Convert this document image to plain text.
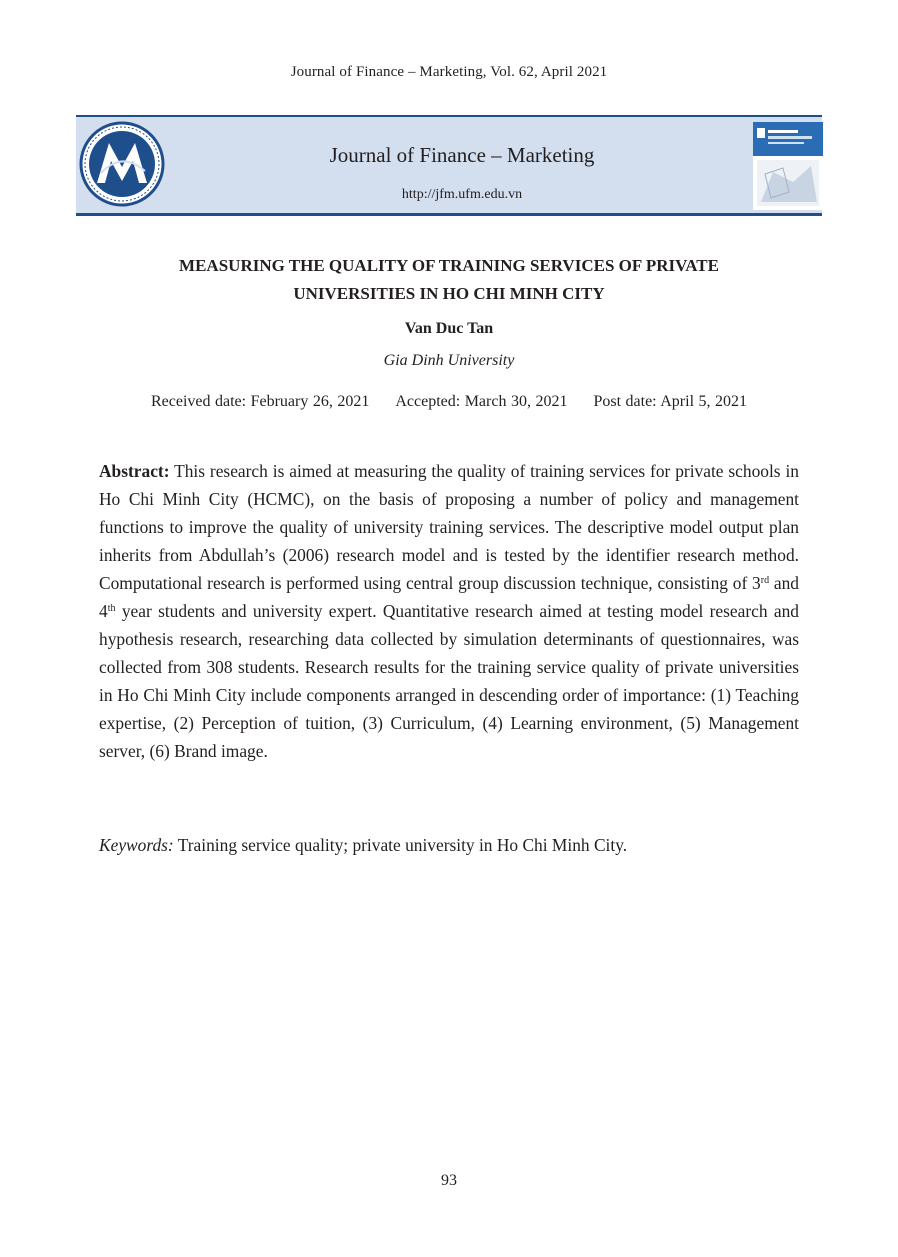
Journal of Finance – Marketing, Vol. 62, April 2021
Journal of Finance – Marketing
http://jfm.ufm.edu.vn
MEASURING THE QUALITY OF TRAINING SERVICES OF PRIVATE
UNIVERSITIES IN HO CHI MINH CITY
Van Duc Tan
Gia Dinh University
Received date: February 26, 2021 Accepted: March 30, 2021 Post date: April 5, 2021
Abstract: This research is aimed at measuring the quality of training services for private schools in Ho Chi Minh City (HCMC), on the basis of proposing a number of policy and management functions to improve the quality of university training services. The descriptive model output plan inherits from Abdullah’s (2006) research model and is tested by the identifier research method. Computational research is performed using central group discussion technique, consisting of 3rd and 4th year students and university expert. Quantitative research aimed at testing model research and hypothesis research, researching data collected by simulation determinants of questionnaires, was collected from 308 students. Research results for the training service quality of private universities in Ho Chi Minh City include components arranged in descending order of importance: (1) Teaching expertise, (2) Perception of tuition, (3) Curriculum, (4) Learning environment, (5) Management server, (6) Brand image.
Keywords: Training service quality; private university in Ho Chi Minh City.
93
